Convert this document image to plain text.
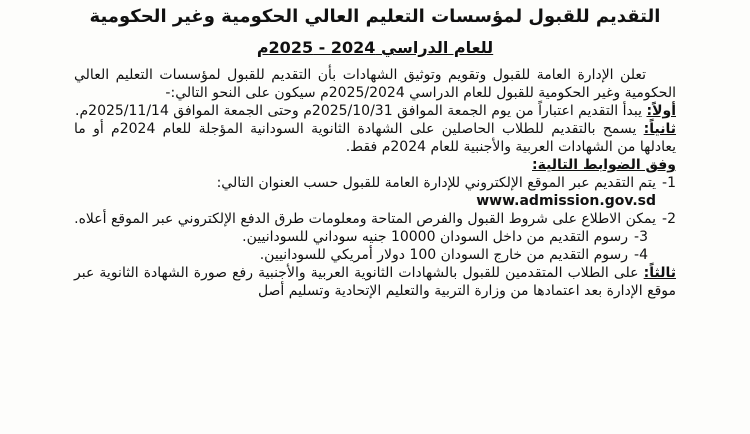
التقديم للقبول لمؤسسات التعليم العالي الحكومية وغير الحكومية
للعام الدراسي 2024 - 2025م

تعلن الإدارة العامة للقبول وتقويم وتوثيق الشهادات بأن التقديم للقبول لمؤسسات التعليم العالي الحكومية وغير الحكومية للقبول للعام الدراسي 2025/2024م سيكون على النحو التالي:-

أولاً: يبدأ التقديم اعتباراً من يوم الجمعة الموافق 2025/10/31م وحتى الجمعة الموافق 2025/11/14م.

ثانياً: يسمح بالتقديم للطلاب الحاصلين على الشهادة الثانوية السودانية المؤجلة للعام 2024م أو ما يعادلها من الشهادات العربية والأجنبية للعام 2024م فقط.

وفق الضوابط التالية:
1-يتم التقديم عبر الموقع الإلكتروني للإدارة العامة للقبول حسب العنوان التالي:
www.admission.gov.sd
2-يمكن الاطلاع على شروط القبول والفرص المتاحة ومعلومات طرق الدفع الإلكتروني عبر الموقع أعلاه.
3-رسوم التقديم من داخل السودان 10000 جنيه سوداني للسودانيين.
4-رسوم التقديم من خارج السودان 100 دولار أمريكي للسودانيين.

ثالثاً: على الطلاب المتقدمين للقبول بالشهادات الثانوية العربية والأجنبية رفع صورة الشهادة الثانوية عبر موقع الإدارة بعد اعتمادها من وزارة التربية والتعليم الإتحادية وتسليم أصل
